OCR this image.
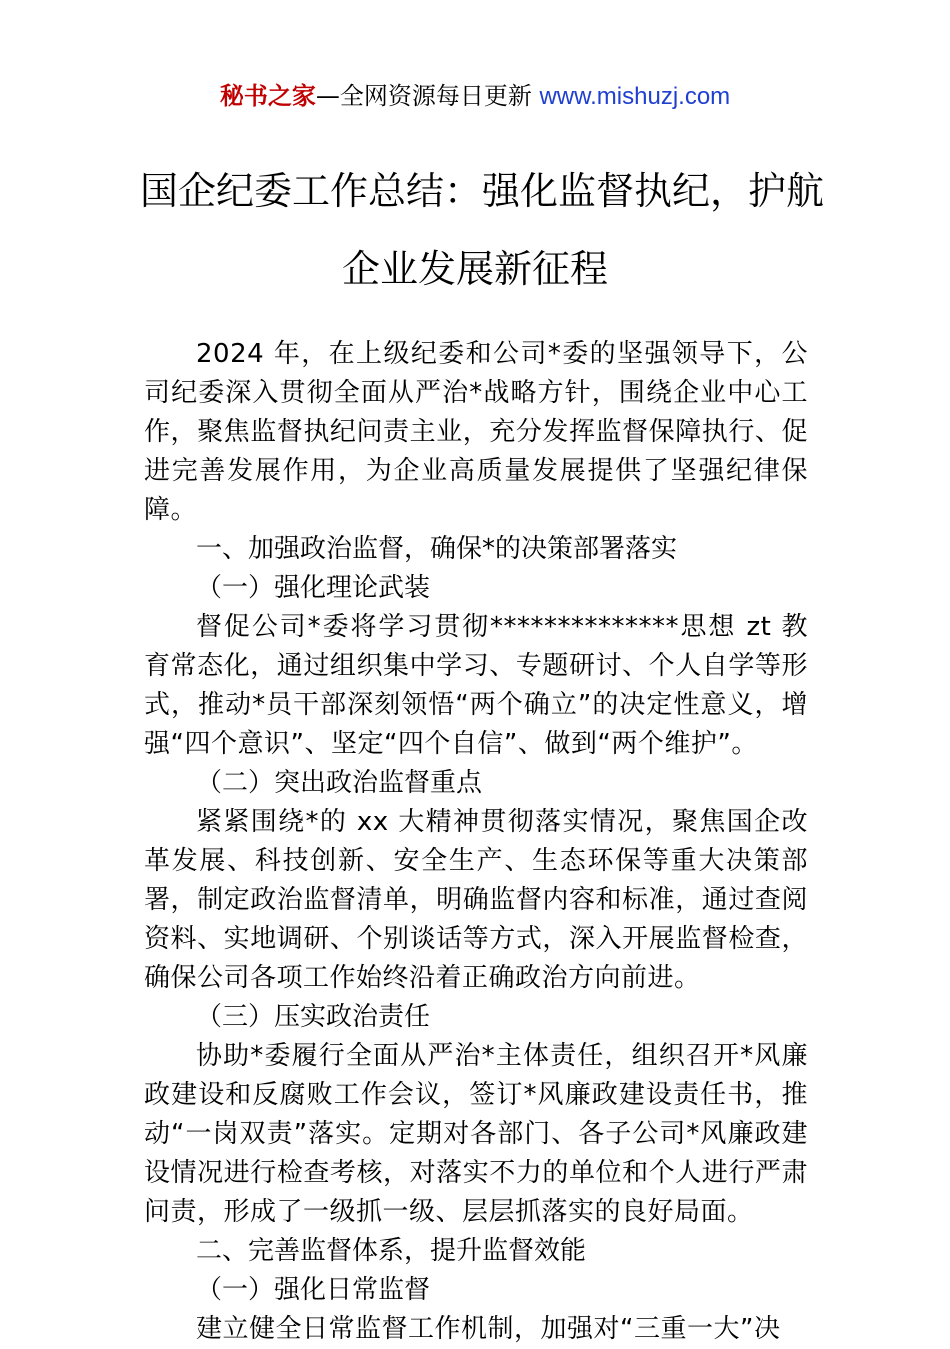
秘书之家—全网资源每日更新 www.mishuzj.com
国企纪委工作总结：强化监督执纪，护航
企业发展新征程

2024 年，在上级纪委和公司*委的坚强领导下，公司纪委深入贯彻全面从严治*战略方针，围绕企业中心工作，聚焦监督执纪问责主业，充分发挥监督保障执行、促进完善发展作用，为企业高质量发展提供了坚强纪律保障。

一、加强政治监督，确保*的决策部署落实

（一）强化理论武装

督促公司*委将学习贯彻**************思想 zt 教育常态化，通过组织集中学习、专题研讨、个人自学等形式，推动*员干部深刻领悟“两个确立”的决定性意义，增强“四个意识”、坚定“四个自信”、做到“两个维护”。

（二）突出政治监督重点

紧紧围绕*的 xx 大精神贯彻落实情况，聚焦国企改革发展、科技创新、安全生产、生态环保等重大决策部署，制定政治监督清单，明确监督内容和标准，通过查阅资料、实地调研、个别谈话等方式，深入开展监督检查，确保公司各项工作始终沿着正确政治方向前进。

（三）压实政治责任

协助*委履行全面从严治*主体责任，组织召开*风廉政建设和反腐败工作会议，签订*风廉政建设责任书，推动“一岗双责”落实。定期对各部门、各子公司*风廉政建设情况进行检查考核，对落实不力的单位和个人进行严肃问责，形成了一级抓一级、层层抓落实的良好局面。

二、完善监督体系，提升监督效能

（一）强化日常监督

建立健全日常监督工作机制，加强对“三重一大”决
